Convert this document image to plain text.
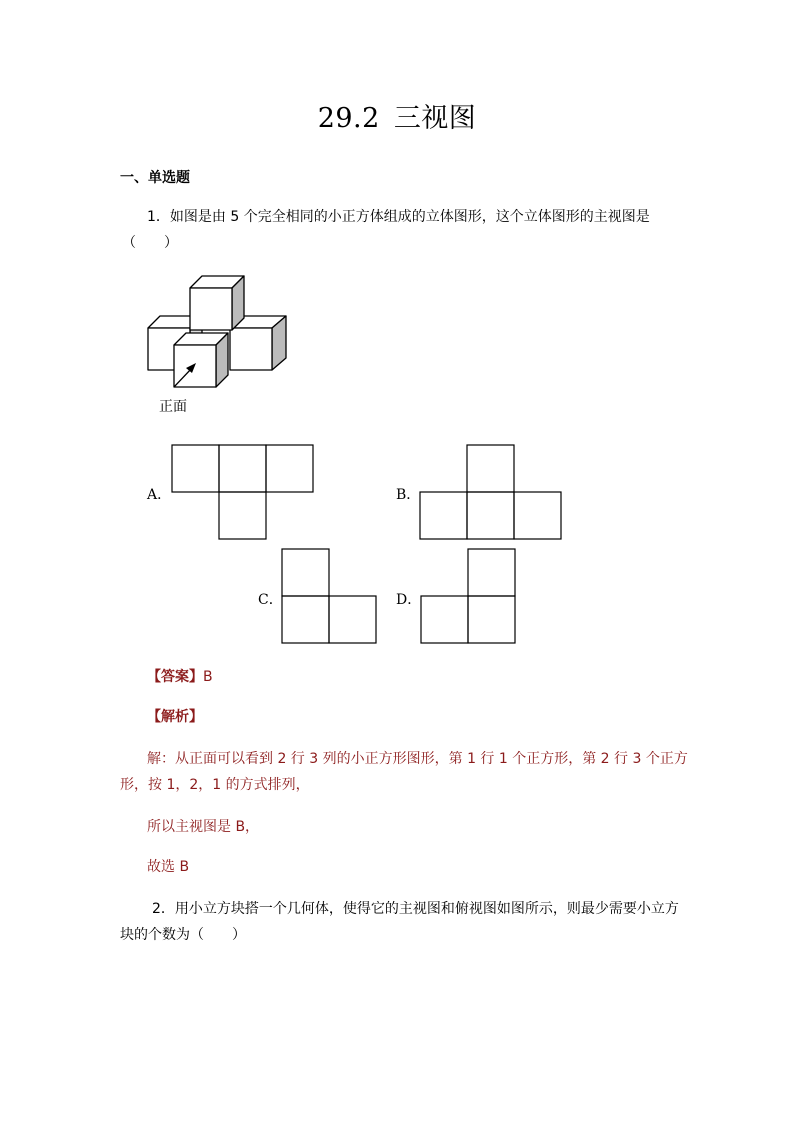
29.2 三视图
一、单选题
1．如图是由 5 个完全相同的小正方体组成的立体图形，这个立体图形的主视图是
（　　）
正面
A．	B．
C．	D．
【答案】B
【解析】
解：从正面可以看到 2 行 3 列的小正方形图形，第 1 行 1 个正方形，第 2 行 3 个正方
形，按 1，2，1 的方式排列，
所以主视图是 B，
故选 B
2．用小立方块搭一个几何体，使得它的主视图和俯视图如图所示，则最少需要小立方
块的个数为（　　）
